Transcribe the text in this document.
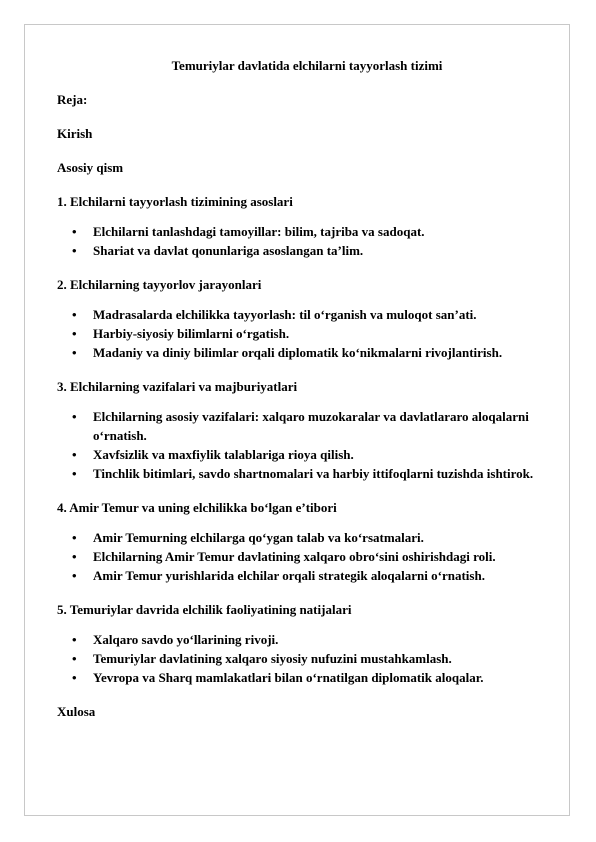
Temuriylar davlatida elchilarni tayyorlash tizimi

Reja:

Kirish

Asosiy qism

1. Elchilarni tayyorlash tizimining asoslari

• Elchilarni tanlashdagi tamoyillar: bilim, tajriba va sadoqat.
• Shariat va davlat qonunlariga asoslangan ta’lim.

2. Elchilarning tayyorlov jarayonlari

• Madrasalarda elchilikka tayyorlash: til o‘rganish va muloqot san’ati.
• Harbiy-siyosiy bilimlarni o‘rgatish.
• Madaniy va diniy bilimlar orqali diplomatik ko‘nikmalarni rivojlantirish.

3. Elchilarning vazifalari va majburiyatlari

• Elchilarning asosiy vazifalari: xalqaro muzokaralar va davlatlararo aloqalarni o‘rnatish.
• Xavfsizlik va maxfiylik talablariga rioya qilish.
• Tinchlik bitimlari, savdo shartnomalari va harbiy ittifoqlarni tuzishda ishtirok.

4. Amir Temur va uning elchilikka bo‘lgan e’tibori

• Amir Temurning elchilarga qo‘ygan talab va ko‘rsatmalari.
• Elchilarning Amir Temur davlatining xalqaro obro‘sini oshirishdagi roli.
• Amir Temur yurishlarida elchilar orqali strategik aloqalarni o‘rnatish.

5. Temuriylar davrida elchilik faoliyatining natijalari

• Xalqaro savdo yo‘llarining rivoji.
• Temuriylar davlatining xalqaro siyosiy nufuzini mustahkamlash.
• Yevropa va Sharq mamlakatlari bilan o‘rnatilgan diplomatik aloqalar.

Xulosa
